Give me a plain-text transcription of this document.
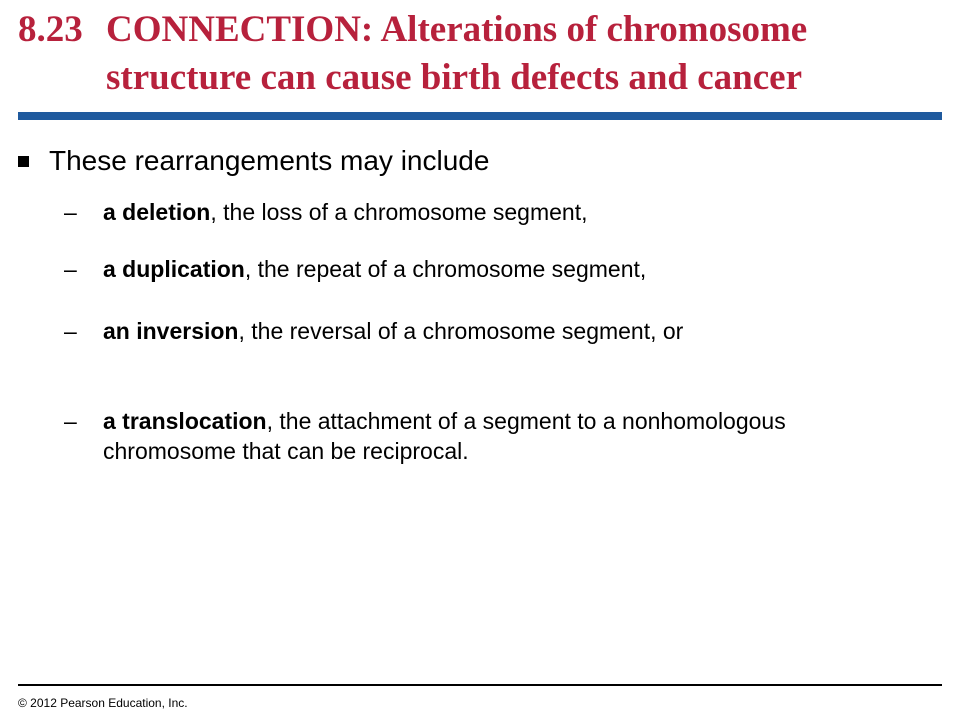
8.23 CONNECTION: Alterations of chromosome
structure can cause birth defects and cancer
These rearrangements may include
– a deletion, the loss of a chromosome segment,
– a duplication, the repeat of a chromosome segment,
– an inversion, the reversal of a chromosome segment, or
– a translocation, the attachment of a segment to a nonhomologous chromosome that can be reciprocal.
© 2012 Pearson Education, Inc.
